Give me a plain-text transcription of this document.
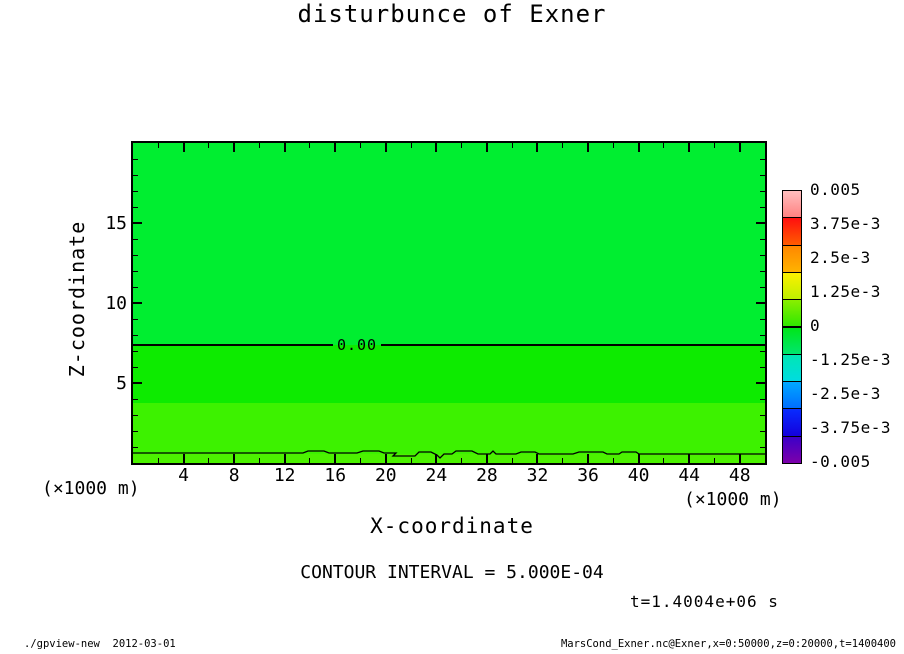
disturbunce of Exner
0.00
Z-coordinate
X-coordinate
(×1000 m)
(×1000 m)
0.005
3.75e-3
2.5e-3
1.25e-3
0
-1.25e-3
-2.5e-3
-3.75e-3
-0.005
CONTOUR INTERVAL = 5.000E-04
t=1.4004e+06 s
./gpview-new  2012-03-01	MarsCond_Exner.nc@Exner,x=0:50000,z=0:20000,t=1400400
4 8 12 16 20 24 28 32 36 40 44 48
5
10
15
